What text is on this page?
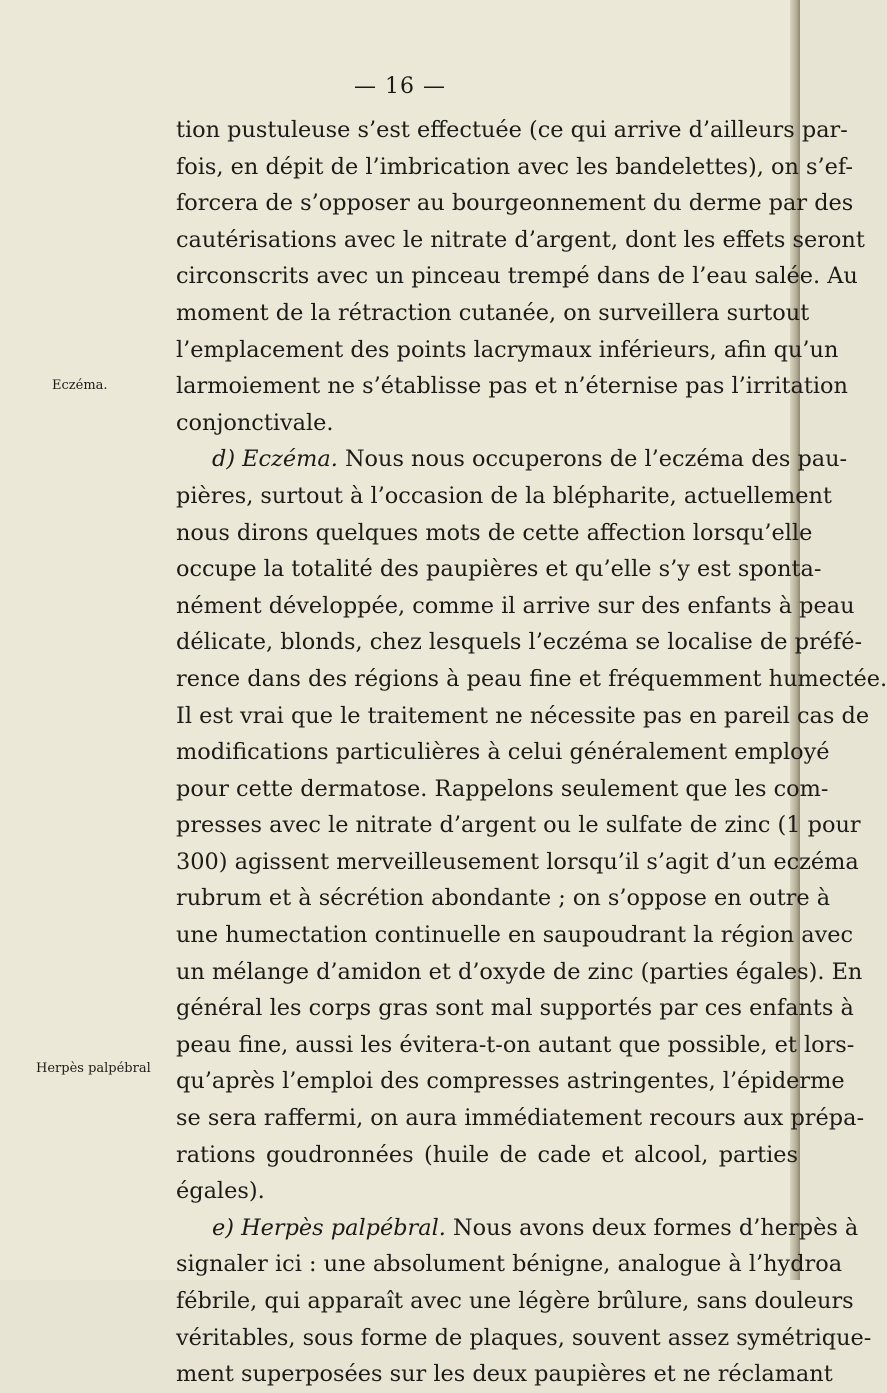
— 16 —
Eczéma.
Herpès palpébral
tion pustuleuse s’est effectuée (ce qui arrive d’ailleurs par-
fois, en dépit de l’imbrication avec les bandelettes), on s’ef-
forcera de s’opposer au bourgeonnement du derme par des
cautérisations avec le nitrate d’argent, dont les effets seront
circonscrits avec un pinceau trempé dans de l’eau salée. Au
moment de la rétraction cutanée, on surveillera surtout
l’emplacement des points lacrymaux inférieurs, afin qu’un
larmoiement ne s’établisse pas et n’éternise pas l’irritation
conjonctivale.
d) Eczéma. Nous nous occuperons de l’eczéma des pau-
pières, surtout à l’occasion de la blépharite, actuellement
nous dirons quelques mots de cette affection lorsqu’elle
occupe la totalité des paupières et qu’elle s’y est sponta-
nément développée, comme il arrive sur des enfants à peau
délicate, blonds, chez lesquels l’eczéma se localise de préfé-
rence dans des régions à peau fine et fréquemment humectée.
Il est vrai que le traitement ne nécessite pas en pareil cas de
modifications particulières à celui généralement employé
pour cette dermatose. Rappelons seulement que les com-
presses avec le nitrate d’argent ou le sulfate de zinc (1 pour
300) agissent merveilleusement lorsqu’il s’agit d’un eczéma
rubrum et à sécrétion abondante ; on s’oppose en outre à
une humectation continuelle en saupoudrant la région avec
un mélange d’amidon et d’oxyde de zinc (parties égales). En
général les corps gras sont mal supportés par ces enfants à
peau fine, aussi les évitera-t-on autant que possible, et lors-
qu’après l’emploi des compresses astringentes, l’épiderme
se sera raffermi, on aura immédiatement recours aux prépa-
rations goudronnées (huile de cade et alcool, parties
égales).
e) Herpès palpébral. Nous avons deux formes d’herpès à
signaler ici : une absolument bénigne, analogue à l’hydroa
fébrile, qui apparaît avec une légère brûlure, sans douleurs
véritables, sous forme de plaques, souvent assez symétrique-
ment superposées sur les deux paupières et ne réclamant
